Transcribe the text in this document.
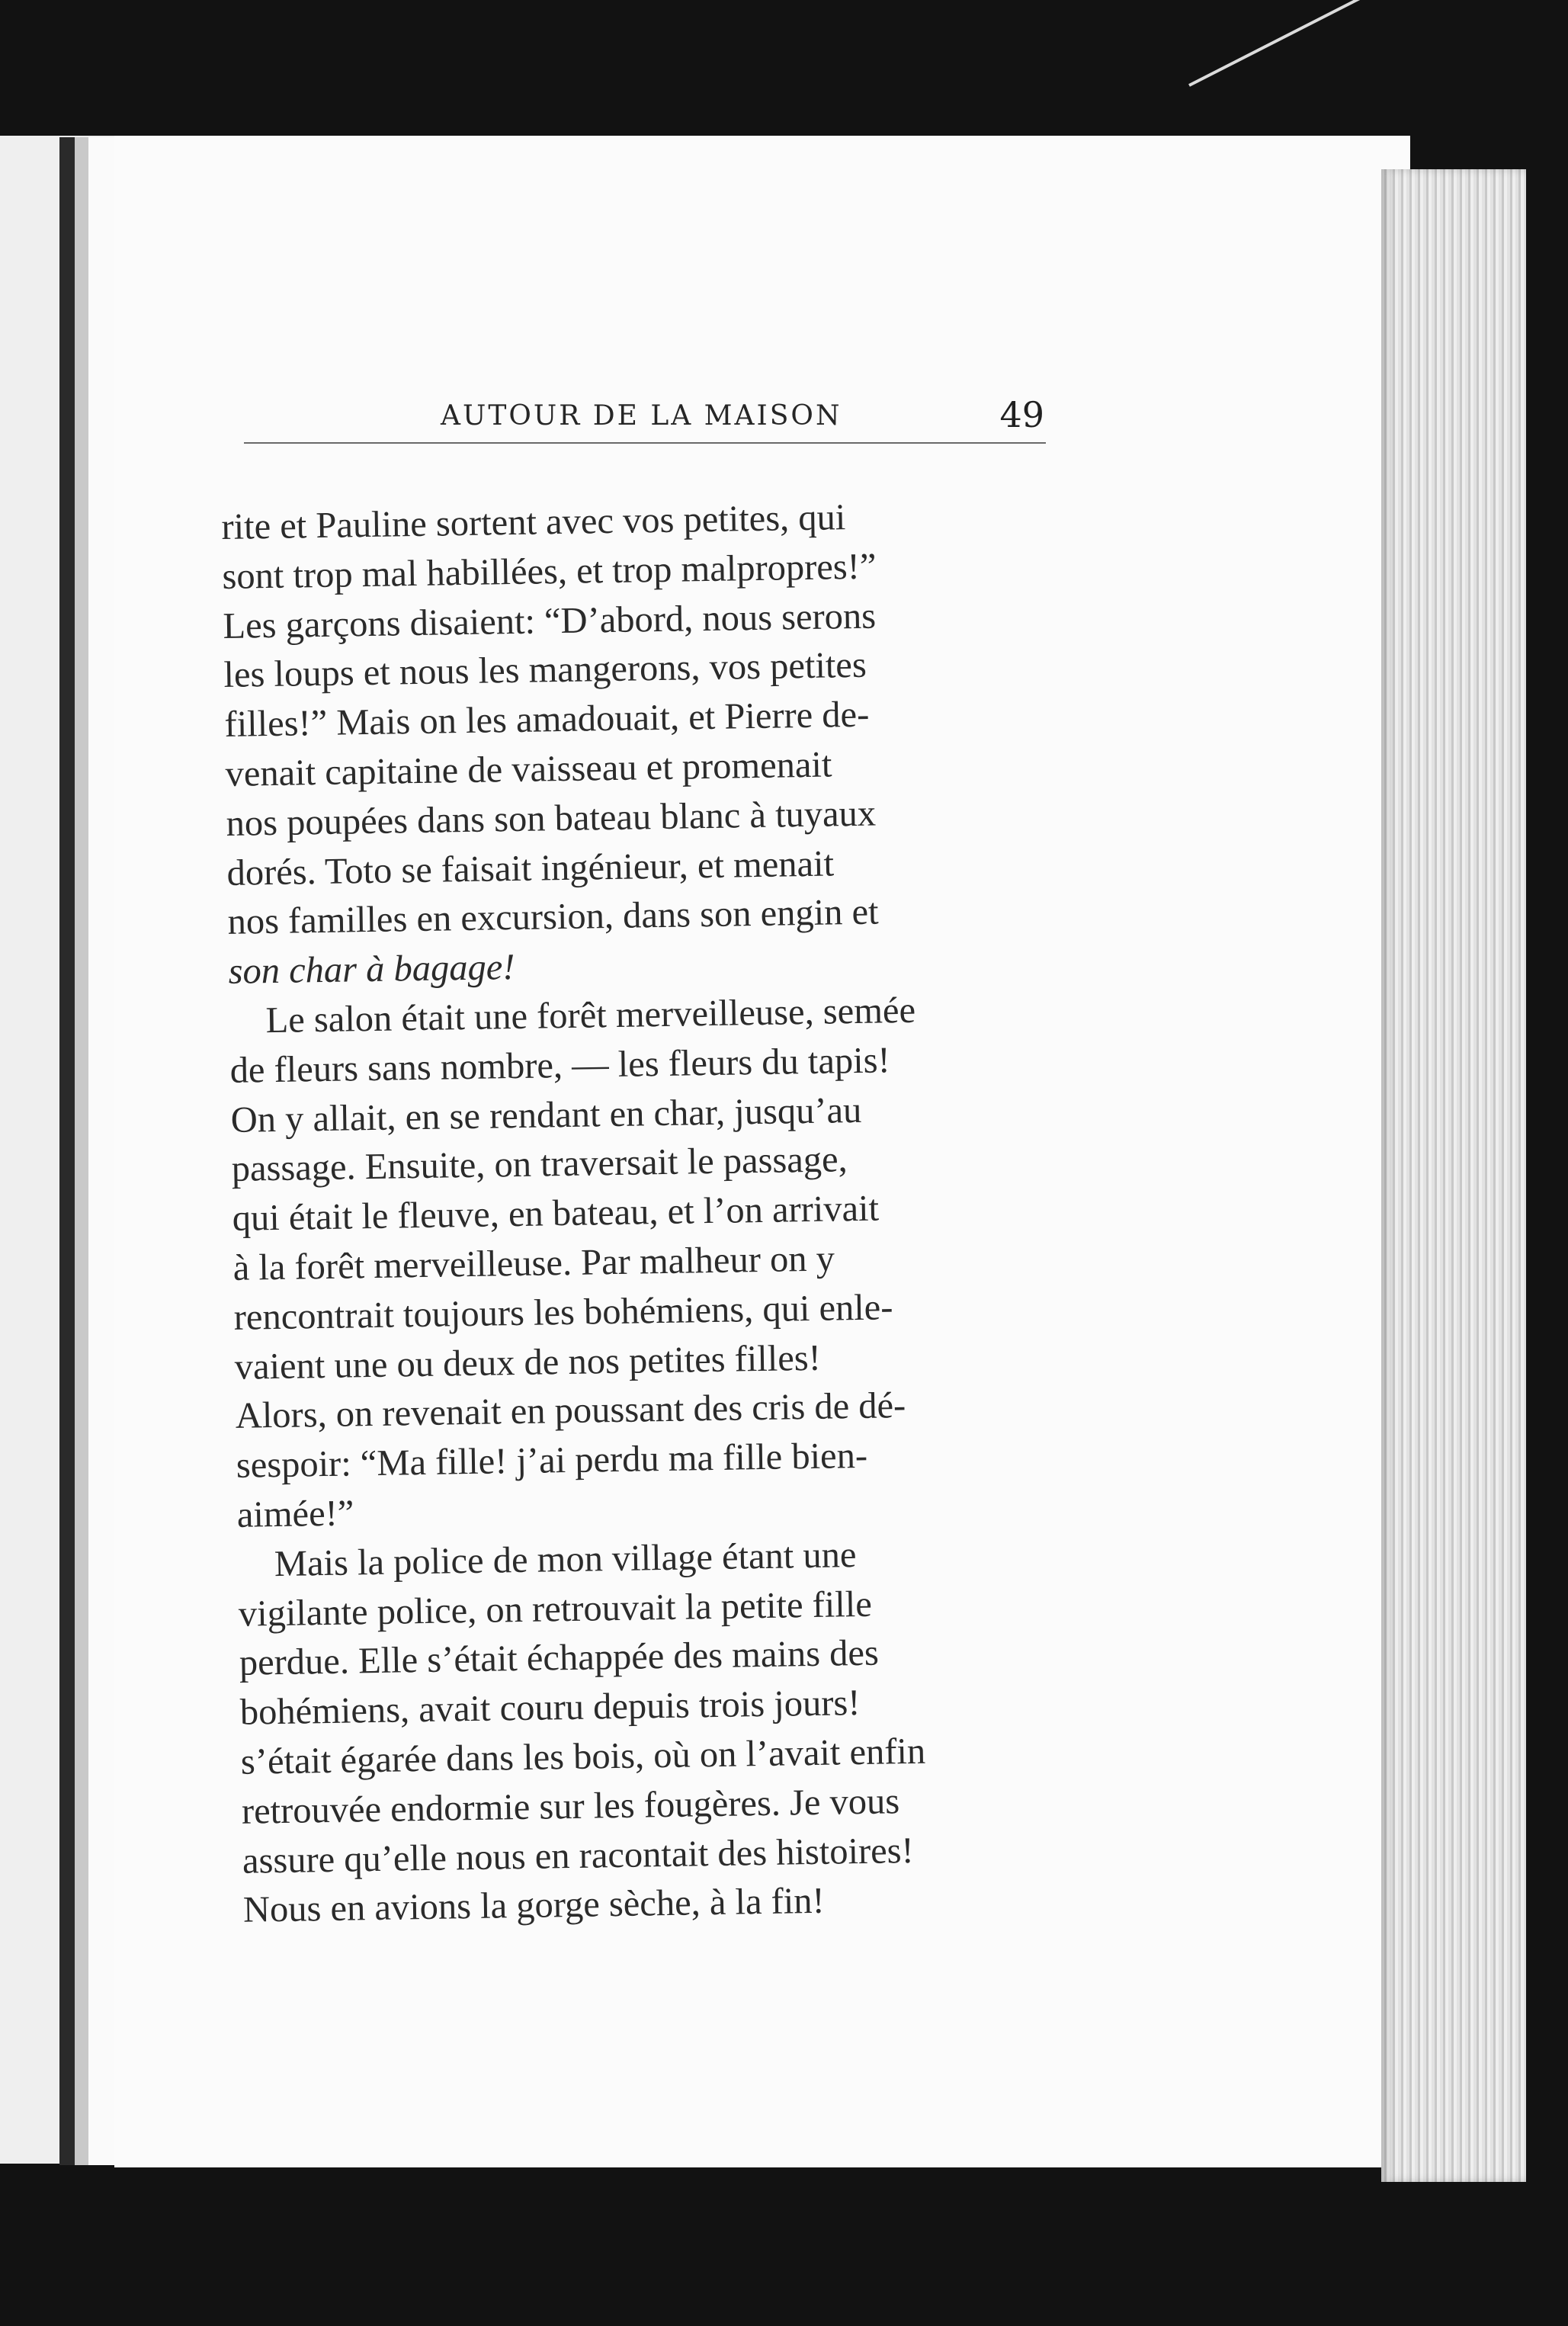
AUTOUR DE LA MAISON	49
rite et Pauline sortent avec vos petites, qui
sont trop mal habillées, et trop malpropres!”
Les garçons disaient: “D’abord, nous serons
les loups et nous les mangerons, vos petites
filles!” Mais on les amadouait, et Pierre de-
venait capitaine de vaisseau et promenait
nos poupées dans son bateau blanc à tuyaux
dorés. Toto se faisait ingénieur, et menait
nos familles en excursion, dans son engin et
son char à bagage!
Le salon était une forêt merveilleuse, semée
de fleurs sans nombre, — les fleurs du tapis!
On y allait, en se rendant en char, jusqu’au
passage. Ensuite, on traversait le passage,
qui était le fleuve, en bateau, et l’on arrivait
à la forêt merveilleuse. Par malheur on y
rencontrait toujours les bohémiens, qui enle-
vaient une ou deux de nos petites filles!
Alors, on revenait en poussant des cris de dé-
sespoir: “Ma fille! j’ai perdu ma fille bien-
aimée!”
Mais la police de mon village étant une
vigilante police, on retrouvait la petite fille
perdue. Elle s’était échappée des mains des
bohémiens, avait couru depuis trois jours!
s’était égarée dans les bois, où on l’avait enfin
retrouvée endormie sur les fougères. Je vous
assure qu’elle nous en racontait des histoires!
Nous en avions la gorge sèche, à la fin!
